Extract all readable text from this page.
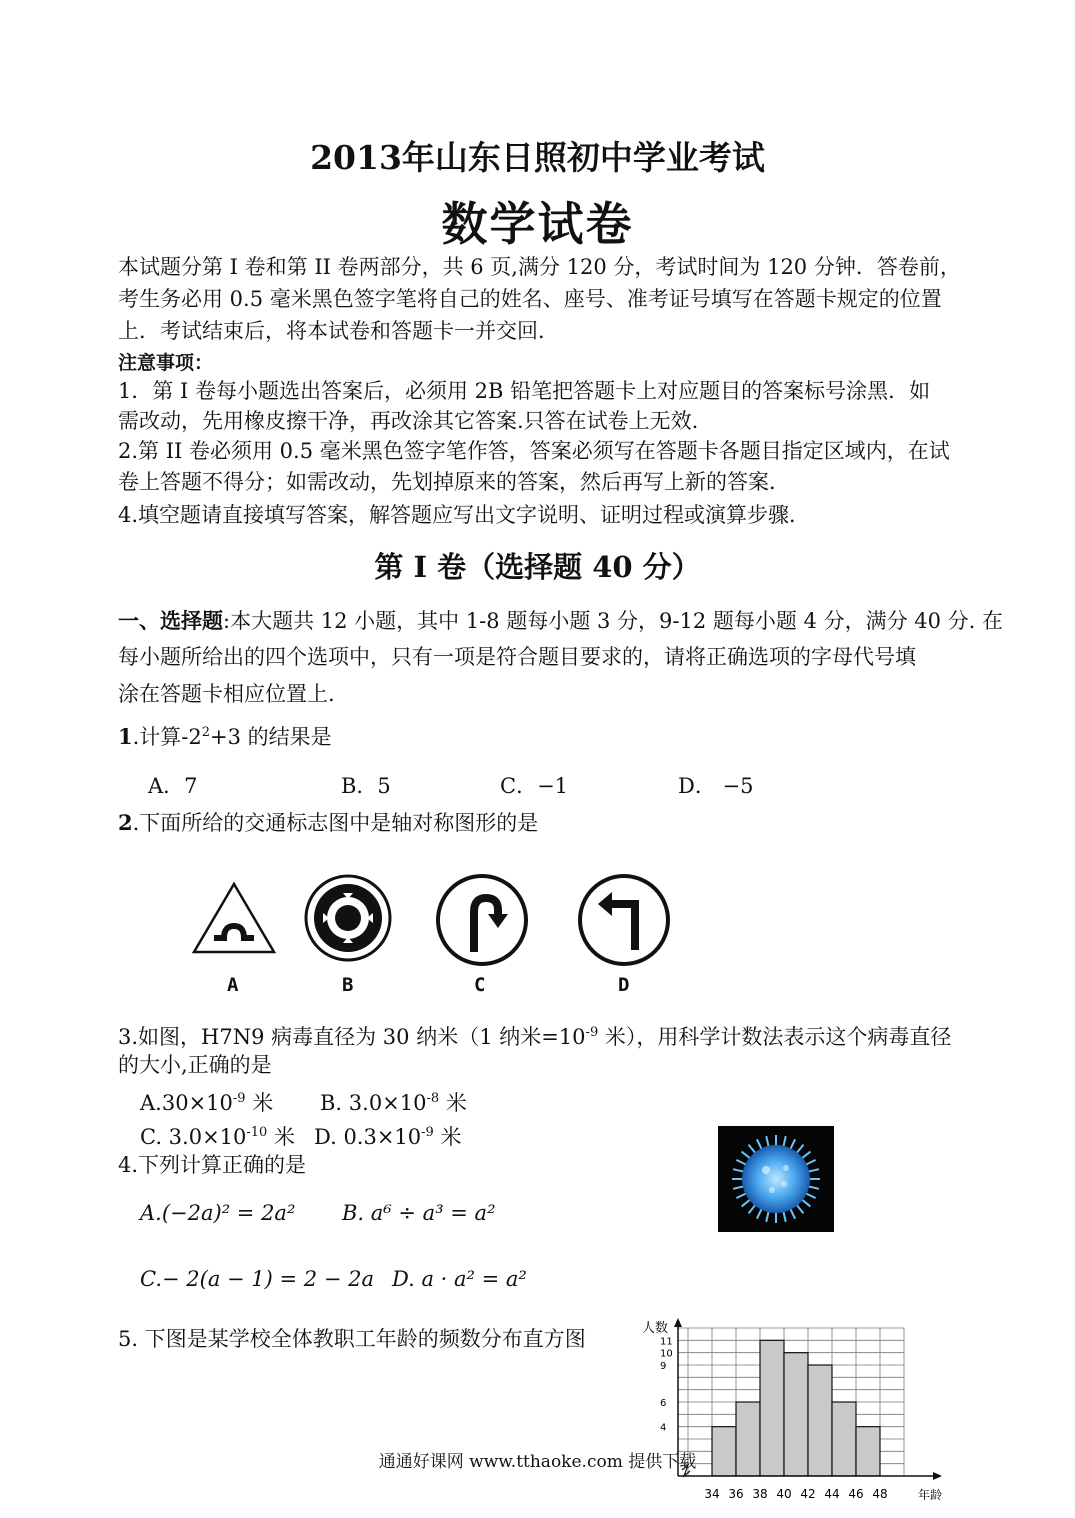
2013年山东日照初中学业考试
数学试卷
本试题分第 I 卷和第 II 卷两部分，共 6 页,满分 120 分，考试时间为 120 分钟．答卷前，
考生务必用 0.5 毫米黑色签字笔将自己的姓名、座号、准考证号填写在答题卡规定的位置
上．考试结束后，将本试卷和答题卡一并交回．
注意事项：
1．第 I 卷每小题选出答案后，必须用 2B 铅笔把答题卡上对应题目的答案标号涂黑．如
需改动，先用橡皮擦干净，再改涂其它答案.只答在试卷上无效.
2.第 II 卷必须用 0.5 毫米黑色签字笔作答，答案必须写在答题卡各题目指定区域内，在试
卷上答题不得分；如需改动，先划掉原来的答案，然后再写上新的答案．
4.填空题请直接填写答案，解答题应写出文字说明、证明过程或演算步骤．
第 I 卷（选择题 40 分）
一、选择题:本大题共 12 小题，其中 1-8 题每小题 3 分，9-12 题每小题 4 分，满分 40 分. 在
每小题所给出的四个选项中，只有一项是符合题目要求的，请将正确选项的字母代号填
涂在答题卡相应位置上.
1.计算$-2^2+3$ 的结果是
A．7	B．5	C．−1	D． −5
2.下面所给的交通标志图中是轴对称图形的是
A	B	C	D
3.如图，H7N9 病毒直径为 30 纳米（1 纳米$=10^{-9}$ 米），用科学计数法表示这个病毒直径
的大小,正确的是
$A.30\times 10^{-9}$ 米 B. $3.0\times 10^{-8}$ 米
C. $3.0\times 10^{-10}$ 米 D. $0.3\times 10^{-9}$ 米
4.下列计算正确的是
A.(−2a)² = 2a² B. a⁶ ÷ a³ = a²
C.− 2(a − 1) = 2 − 2a D. a · a² = a²
5. 下图是某学校全体教职工年龄的频数分布直方图
4
6
9
10
11
34 36 38 40 42 44 46 48
人数
年龄
通通好课网 www.tthaoke.com 提供下载
